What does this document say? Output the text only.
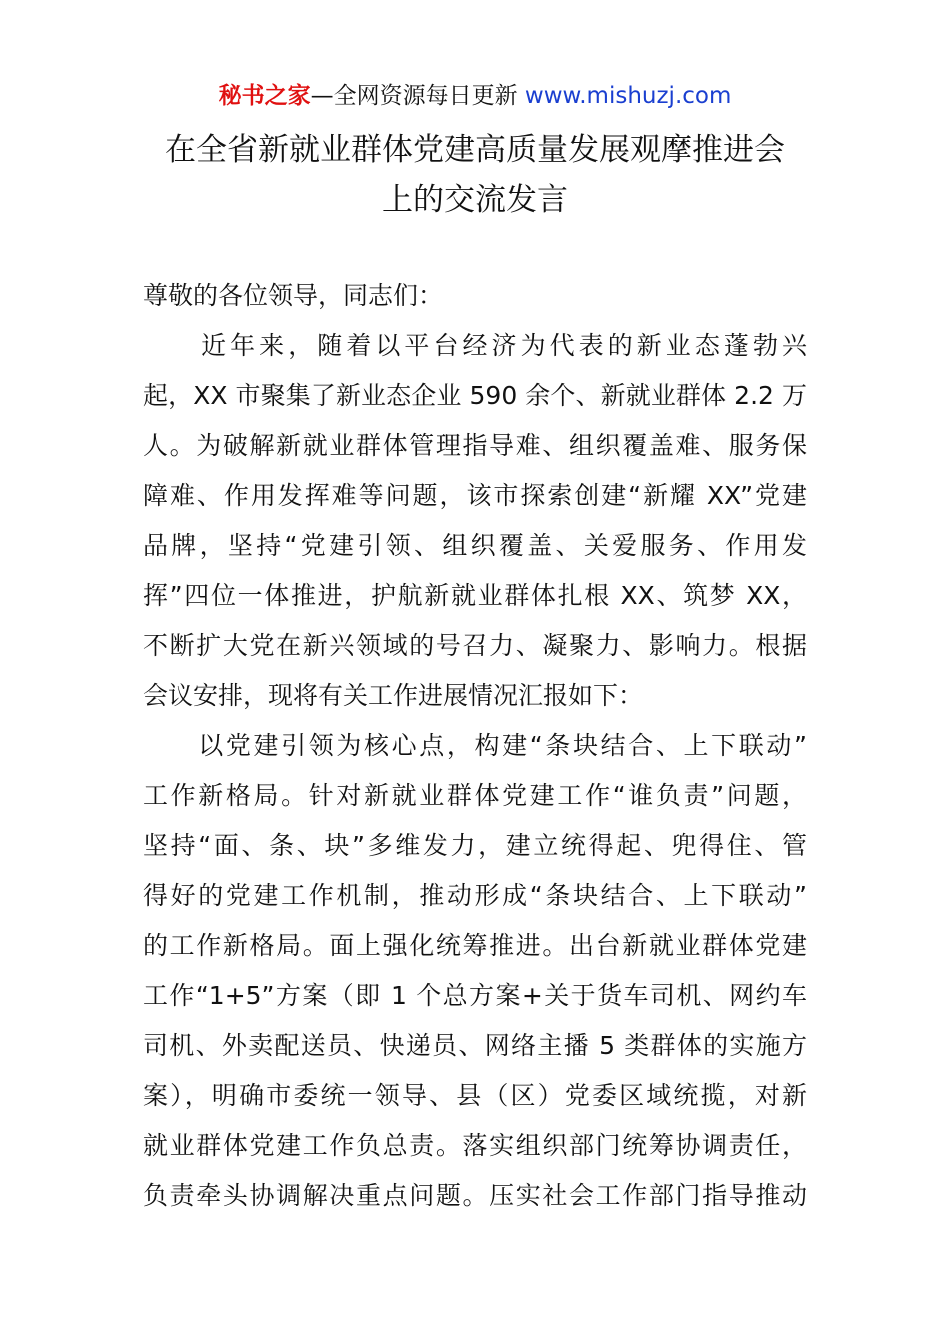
秘书之家—全网资源每日更新 www.mishuzj.com
在全省新就业群体党建高质量发展观摩推进会
上的交流发言
尊敬的各位领导，同志们：
　　近年来，随着以平台经济为代表的新业态蓬勃兴
起，XX 市聚集了新业态企业 590 余个、新就业群体 2.2 万
人。为破解新就业群体管理指导难、组织覆盖难、服务保
障难、作用发挥难等问题，该市探索创建“新耀 XX”党建
品牌，坚持“党建引领、组织覆盖、关爱服务、作用发
挥”四位一体推进，护航新就业群体扎根 XX、筑梦 XX，
不断扩大党在新兴领域的号召力、凝聚力、影响力。根据
会议安排，现将有关工作进展情况汇报如下：
　　以党建引领为核心点，构建“条块结合、上下联动”
工作新格局。针对新就业群体党建工作“谁负责”问题，
坚持“面、条、块”多维发力，建立统得起、兜得住、管
得好的党建工作机制，推动形成“条块结合、上下联动”
的工作新格局。面上强化统筹推进。出台新就业群体党建
工作“1+5”方案（即 1 个总方案+关于货车司机、网约车
司机、外卖配送员、快递员、网络主播 5 类群体的实施方
案），明确市委统一领导、县（区）党委区域统揽，对新
就业群体党建工作负总责。落实组织部门统筹协调责任，
负责牵头协调解决重点问题。压实社会工作部门指导推动
